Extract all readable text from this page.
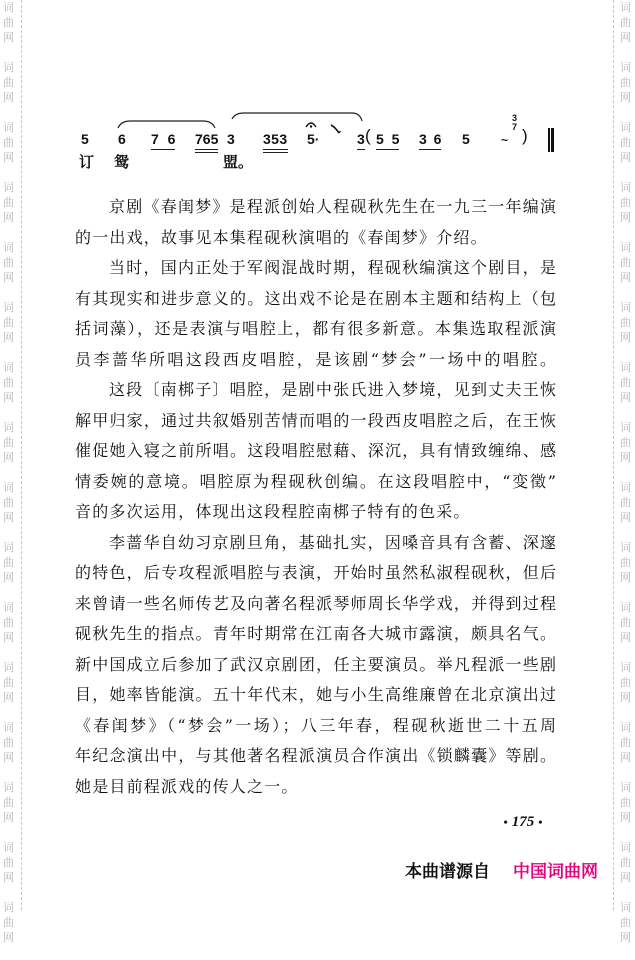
词曲网
词曲网
词曲网
词曲网
词曲网
词曲网
词曲网
词曲网
词曲网
词曲网
词曲网
词曲网
词曲网
词曲网
词曲网
词曲网
词曲网
词曲网
词曲网
词曲网
词曲网
词曲网
词曲网
词曲网
词曲网
词曲网
词曲网
词曲网
词曲网
词曲网
词曲网
词曲网
5 6 7 6 765 3 353 5·	3 ( 5 5 3 6 5	~
3
7 )
订 鸳	盟。
京剧《春闺梦》是程派创始人程砚秋先生在一九三一年编演
的一出戏，故事见本集程砚秋演唱的《春闺梦》介绍。
当时，国内正处于军阀混战时期，程砚秋编演这个剧目，是
有其现实和进步意义的。这出戏不论是在剧本主题和结构上（包
括词藻），还是表演与唱腔上，都有很多新意。本集选取程派演
员李蔷华所唱这段西皮唱腔，是该剧“梦会”一场中的唱腔。
这段〔南梆子〕唱腔，是剧中张氏进入梦境，见到丈夫王恢
解甲归家，通过共叙婚别苦情而唱的一段西皮唱腔之后，在王恢
催促她入寝之前所唱。这段唱腔慰藉、深沉，具有情致缠绵、感
情委婉的意境。唱腔原为程砚秋创编。在这段唱腔中，“变徵”
音的多次运用，体现出这段程腔南梆子特有的色采。
李蔷华自幼习京剧旦角，基础扎实，因嗓音具有含蓄、深邃
的特色，后专攻程派唱腔与表演，开始时虽然私淑程砚秋，但后
来曾请一些名师传艺及向著名程派琴师周长华学戏，并得到过程
砚秋先生的指点。青年时期常在江南各大城市露演，颇具名气。
新中国成立后参加了武汉京剧团，任主要演员。举凡程派一些剧
目，她率皆能演。五十年代末，她与小生高维廉曾在北京演出过
《春闺梦》（“梦会”一场）；八三年春，程砚秋逝世二十五周
年纪念演出中，与其他著名程派演员合作演出《锁麟囊》等剧。
她是目前程派戏的传人之一。
• 175 •
本曲谱源自 中国词曲网
